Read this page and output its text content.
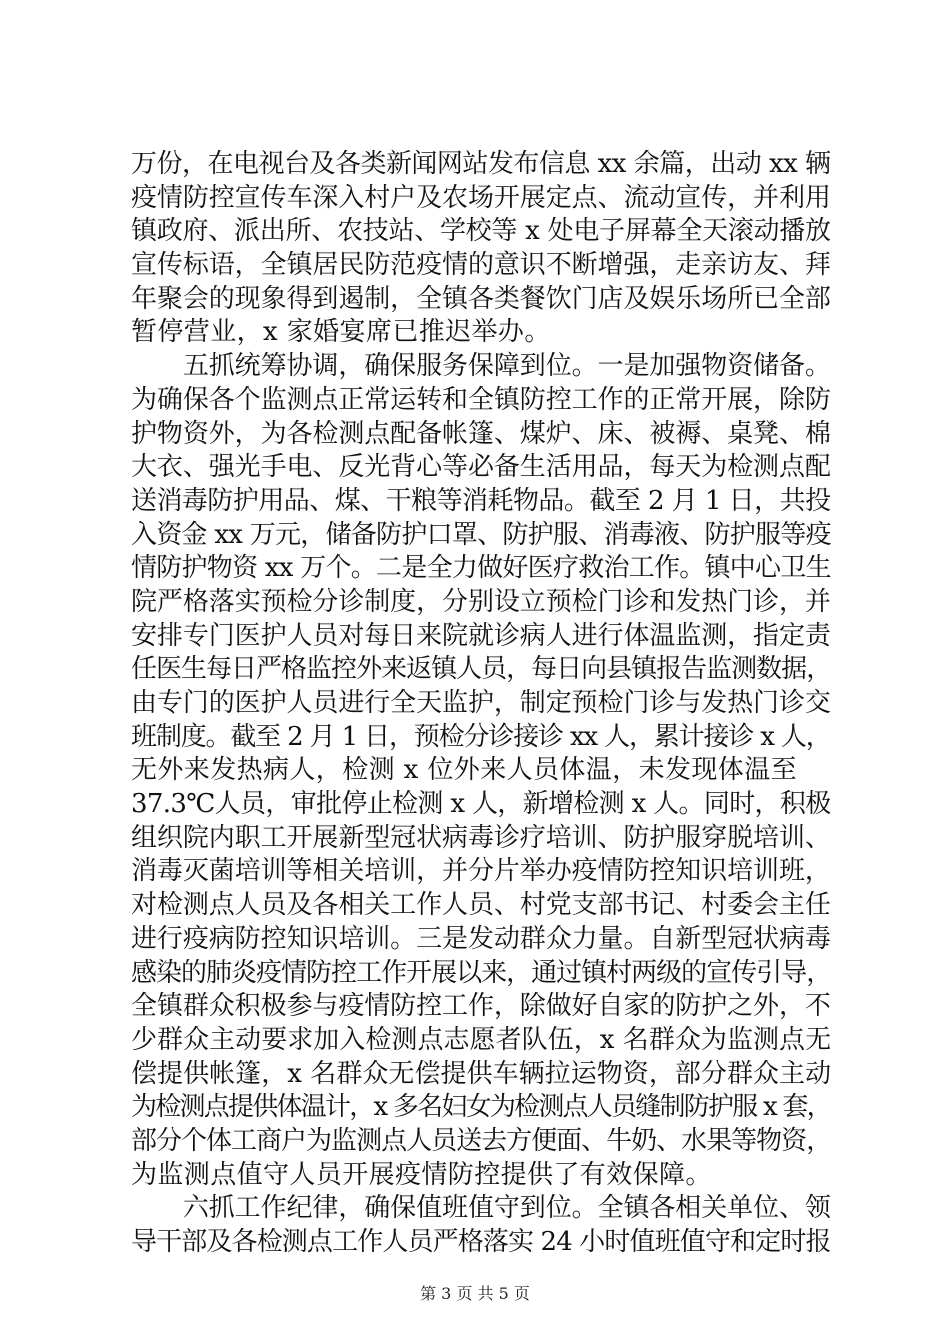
万份，在电视台及各类新闻网站发布信息 xx 余篇，出动 xx 辆
疫情防控宣传车深入村户及农场开展定点、流动宣传，并利用
镇政府、派出所、农技站、学校等 x 处电子屏幕全天滚动播放
宣传标语，全镇居民防范疫情的意识不断增强，走亲访友、拜
年聚会的现象得到遏制，全镇各类餐饮门店及娱乐场所已全部
暂停营业，x 家婚宴席已推迟举办。
　　五抓统筹协调，确保服务保障到位。一是加强物资储备。
为确保各个监测点正常运转和全镇防控工作的正常开展，除防
护物资外，为各检测点配备帐篷、煤炉、床、被褥、桌凳、棉
大衣、强光手电、反光背心等必备生活用品，每天为检测点配
送消毒防护用品、煤、干粮等消耗物品。截至 2 月 1 日，共投
入资金 xx 万元，储备防护口罩、防护服、消毒液、防护服等疫
情防护物资 xx 万个。二是全力做好医疗救治工作。镇中心卫生
院严格落实预检分诊制度，分别设立预检门诊和发热门诊，并
安排专门医护人员对每日来院就诊病人进行体温监测，指定责
任医生每日严格监控外来返镇人员，每日向县镇报告监测数据，
由专门的医护人员进行全天监护，制定预检门诊与发热门诊交
班制度。截至 2 月 1 日，预检分诊接诊 xx 人，累计接诊 x 人，
无外来发热病人，检测 x 位外来人员体温，未发现体温至
37.3℃人员，审批停止检测 x 人，新增检测 x 人。同时，积极
组织院内职工开展新型冠状病毒诊疗培训、防护服穿脱培训、
消毒灭菌培训等相关培训，并分片举办疫情防控知识培训班，
对检测点人员及各相关工作人员、村党支部书记、村委会主任
进行疫病防控知识培训。三是发动群众力量。自新型冠状病毒
感染的肺炎疫情防控工作开展以来，通过镇村两级的宣传引导，
全镇群众积极参与疫情防控工作，除做好自家的防护之外，不
少群众主动要求加入检测点志愿者队伍，x 名群众为监测点无
偿提供帐篷，x 名群众无偿提供车辆拉运物资，部分群众主动
为检测点提供体温计，x 多名妇女为检测点人员缝制防护服 x 套，
部分个体工商户为监测点人员送去方便面、牛奶、水果等物资，
为监测点值守人员开展疫情防控提供了有效保障。
　　六抓工作纪律，确保值班值守到位。全镇各相关单位、领
导干部及各检测点工作人员严格落实 24 小时值班值守和定时报
第 3 页 共 5 页
